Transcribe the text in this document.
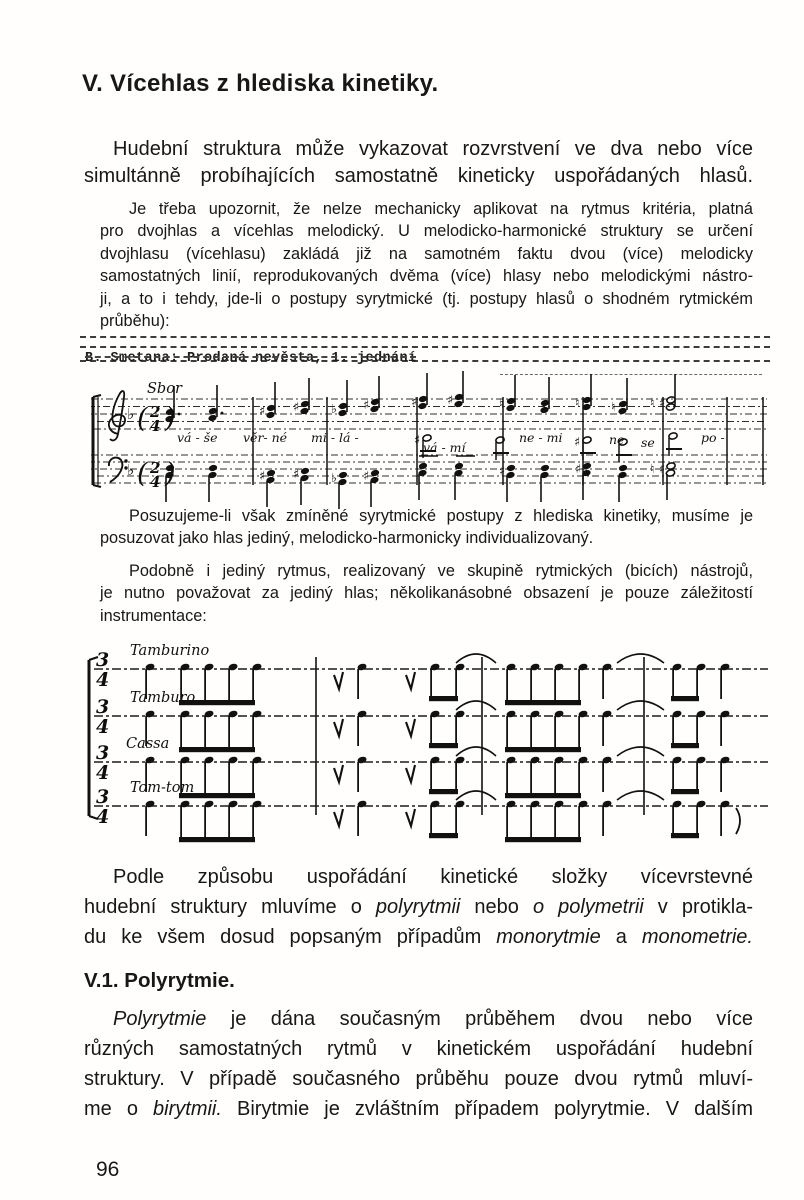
V. Vícehlas z hlediska kinetiky.
Hudební struktura může vykazovat rozvrstvení ve dva nebo více
simultánně probíhajících samostatně kineticky uspořádaných hlasů.
Je třeba upozornit, že nelze mechanicky aplikovat na rytmus kritéria, platná
pro dvojhlas a vícehlas melodický. U melodicko-harmonické struktury se určení
dvojhlasu (vícehlasu) zakládá již na samotném faktu dvou (více) melodicky
samostatných linií, reprodukovaných dvěma (více) hlasy nebo melodickými nástro-
ji, a to i tehdy, jde-li o postupy syrytmické (tj. postupy hlasů o shodném rytmickém
průběhu):
B. Smetana: Prodaná nevěsta, 1. jednání
Sbor
♯ ♯	♭ ♯	♯ ♯	♮	♮	♮	♯
♮
♯ ♯	♭ ♯	♯	♯	♯
♮
♯	♯
( 2
4 )
( 2
4 )
♭
♭
vá - še věr- né mi - lá -
vá - mí
ne - mi	ne se	po -
Posuzujeme-li však zmíněné syrytmické postupy z hlediska kinetiky, musíme je
posuzovat jako hlas jediný, melodicko-harmonicky individualizovaný.
Podobně i jediný rytmus, realizovaný ve skupině rytmických (bicích) nástrojů,
je nutno považovat za jediný hlas; několikanásobné obsazení je pouze záležitostí
instrumentace:
Tamburino
3
4
Tamburo
3
4
Cassa
3
4
Tom-tom
3
4
Podle způsobu uspořádání kinetické složky vícevrstevné
hudební struktury mluvíme o polyrytmii nebo o polymetrii v protikla-
du ke všem dosud popsaným případům monorytmie a monometrie.
V.1. Polyrytmie.
Polyrytmie je dána současným průběhem dvou nebo více
různých samostatných rytmů v kinetickém uspořádání hudební
struktury. V případě současného průběhu pouze dvou rytmů mluví-
me o birytmii. Birytmie je zvláštním případem polyrytmie. V dalším
96
